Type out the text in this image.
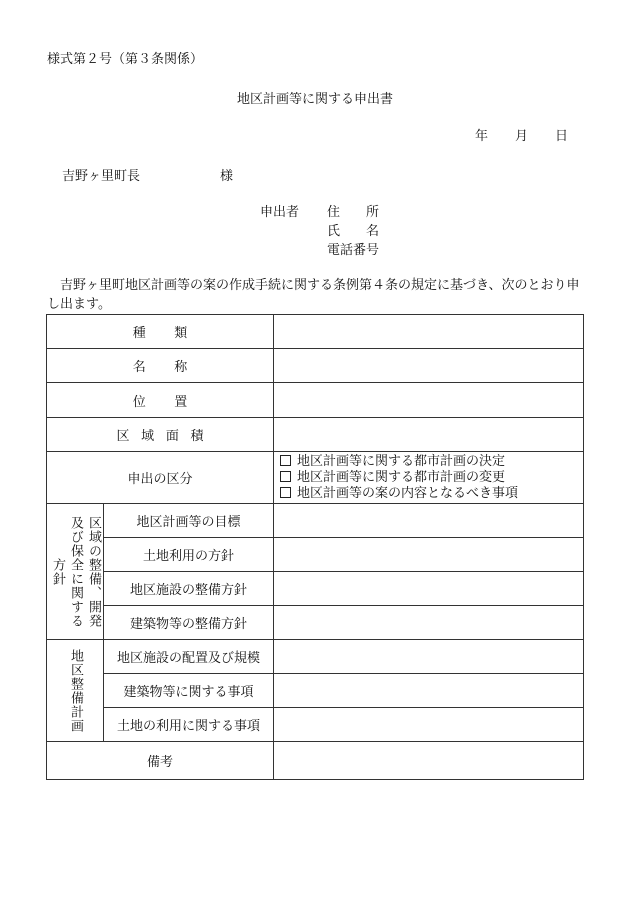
様式第２号（第３条関係）
地区計画等に関する申出書
年 月 日
吉野ヶ里町長	様
申出者	住　　所
氏　　名
電話番号
吉野ヶ里町地区計画等の案の作成手続に関する条例第４条の規定に基づき、次のとおり申し出ます。
種類		
名称		
位置		
区域面積		
申出の区分		地区計画等に関する都市計画の決定
地区計画等に関する都市計画の変更
地区計画等の案の内容となるべき事項

区域の整備、開発及び保全に関する方針	地区計画等の目標	
	土地利用の方針	
	地区施設の整備方針	
	建築物等の整備方針	

地区整備計画	地区施設の配置及び規模	
	建築物等に関する事項	
	土地の利用に関する事項	
備考		
